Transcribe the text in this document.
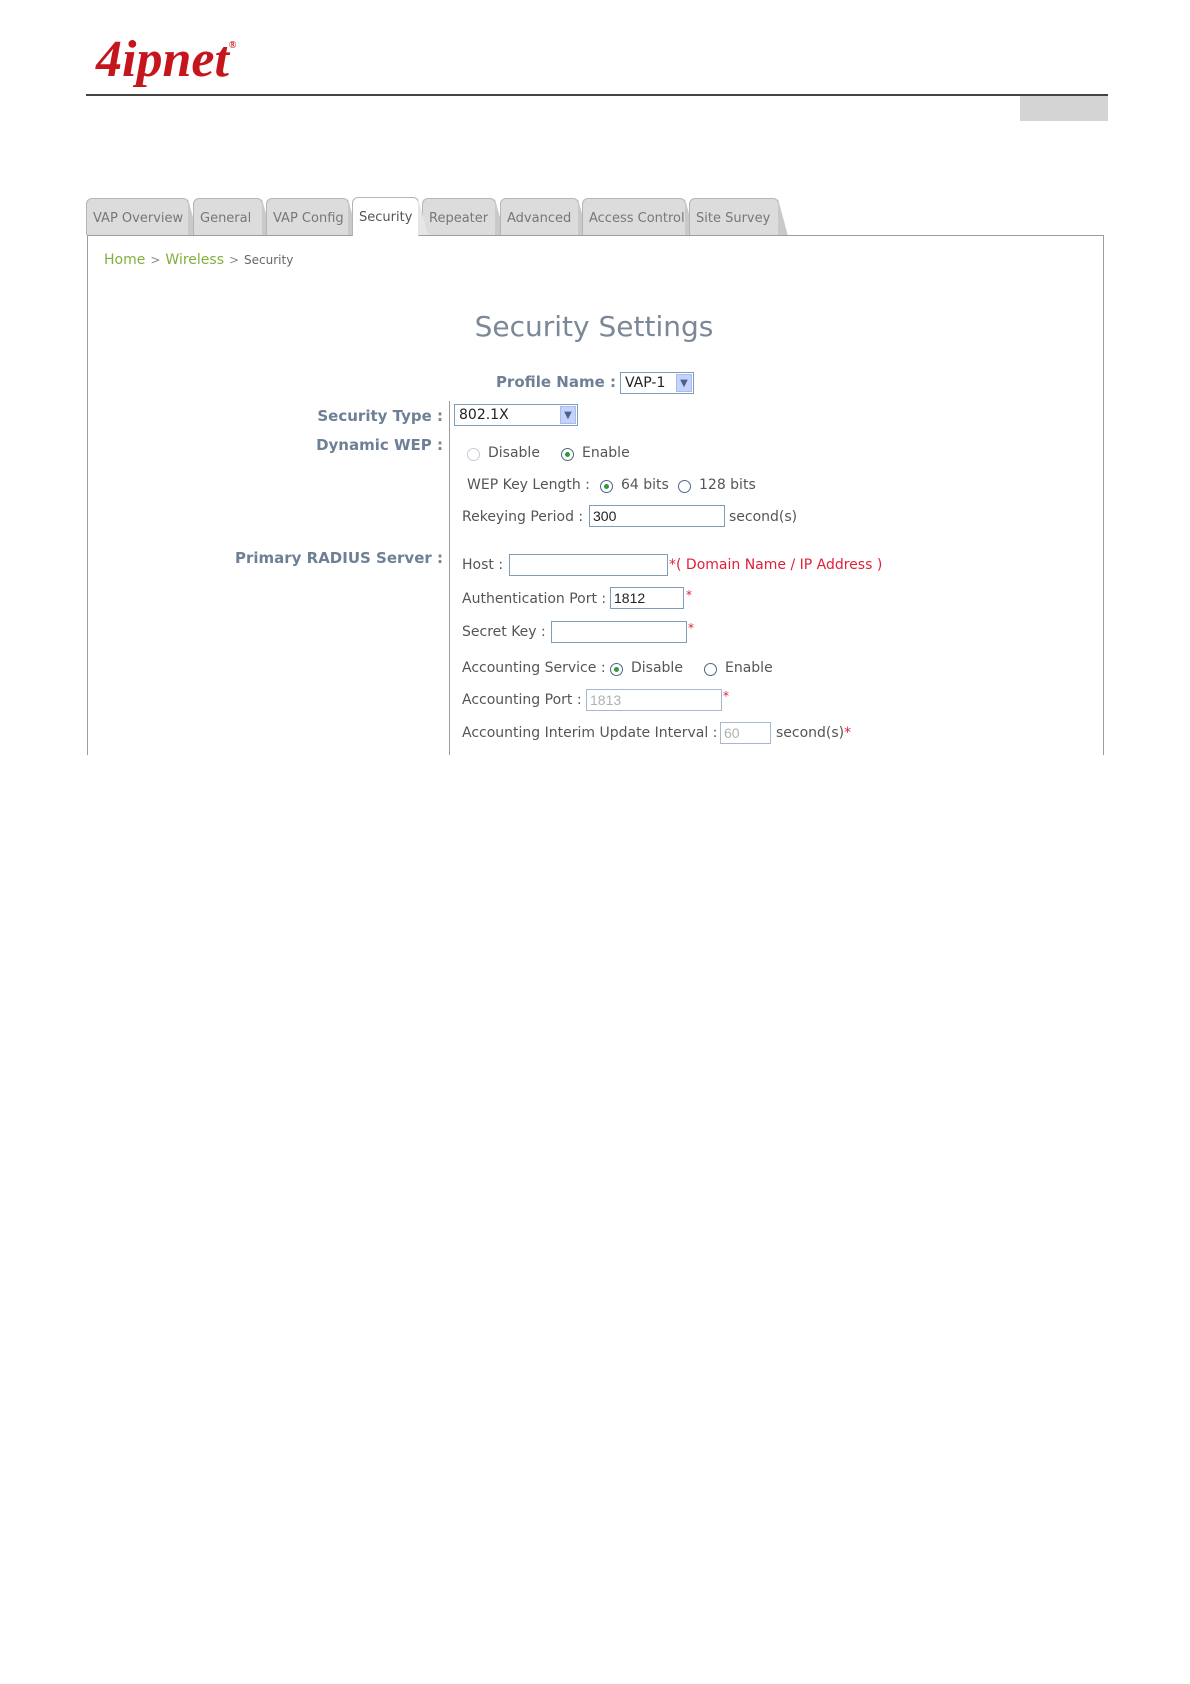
4ipnet®
VAP Overview	General	VAP Config	Security	Repeater	Advanced	Access Control Site Survey
Home > Wireless > Security
Security Settings
Profile Name : VAP-1	▼
Security Type :	802.1X	▼
Dynamic WEP :	Disable	Enable
WEP Key Length : 64 bits 128 bits
Rekeying Period :
300	second(s)
Primary RADIUS Server : Host :	*( Domain Name / IP Address )
Authentication Port :
1812	*
Secret Key :	*
Accounting Service : Disable	Enable
Accounting Port :
1813	*
Accounting Interim Update Interval :
60	second(s)*
